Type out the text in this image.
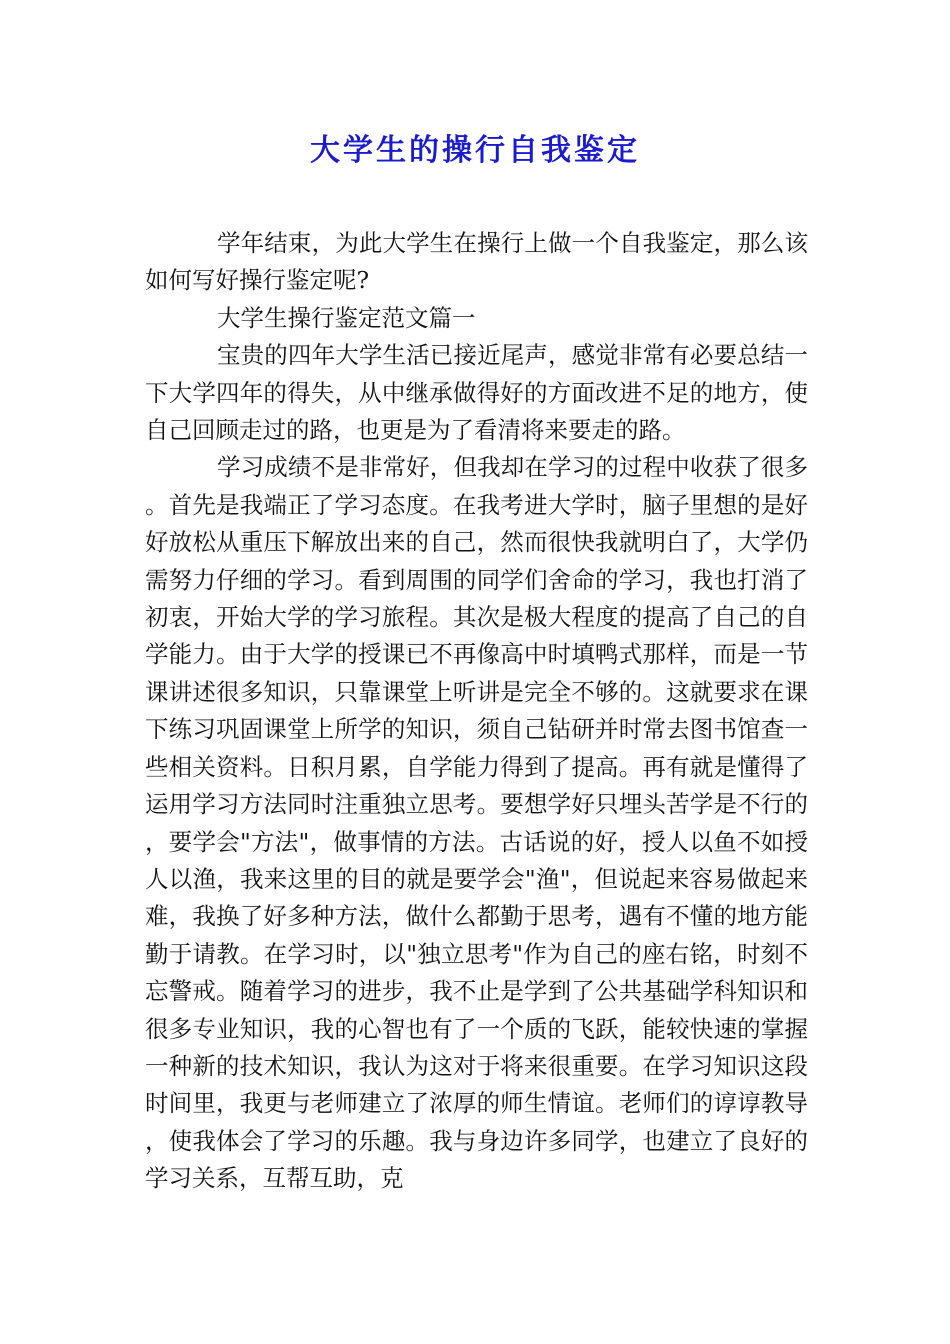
大学生的操行自我鉴定

学年结束，为此大学生在操行上做一个自我鉴定，那么该如何写好操行鉴定呢?

大学生操行鉴定范文篇一

宝贵的四年大学生活已接近尾声，感觉非常有必要总结一下大学四年的得失，从中继承做得好的方面改进不足的地方，使自己回顾走过的路，也更是为了看清将来要走的路。

学习成绩不是非常好，但我却在学习的过程中收获了很多。首先是我端正了学习态度。在我考进大学时，脑子里想的是好好放松从重压下解放出来的自己，然而很快我就明白了，大学仍需努力仔细的学习。看到周围的同学们舍命的学习，我也打消了初衷，开始大学的学习旅程。其次是极大程度的提高了自己的自学能力。由于大学的授课已不再像高中时填鸭式那样，而是一节课讲述很多知识，只靠课堂上听讲是完全不够的。这就要求在课下练习巩固课堂上所学的知识，须自己钻研并时常去图书馆查一些相关资料。日积月累，自学能力得到了提高。再有就是懂得了运用学习方法同时注重独立思考。要想学好只埋头苦学是不行的，要学会"方法"，做事情的方法。古话说的好，授人以鱼不如授人以渔，我来这里的目的就是要学会"渔"，但说起来容易做起来难，我换了好多种方法，做什么都勤于思考，遇有不懂的地方能勤于请教。在学习时，以"独立思考"作为自己的座右铭，时刻不忘警戒。随着学习的进步，我不止是学到了公共基础学科知识和很多专业知识，我的心智也有了一个质的飞跃，能较快速的掌握一种新的技术知识，我认为这对于将来很重要。在学习知识这段时间里，我更与老师建立了浓厚的师生情谊。老师们的谆谆教导，使我体会了学习的乐趣。我与身边许多同学，也建立了良好的学习关系，互帮互助，克
